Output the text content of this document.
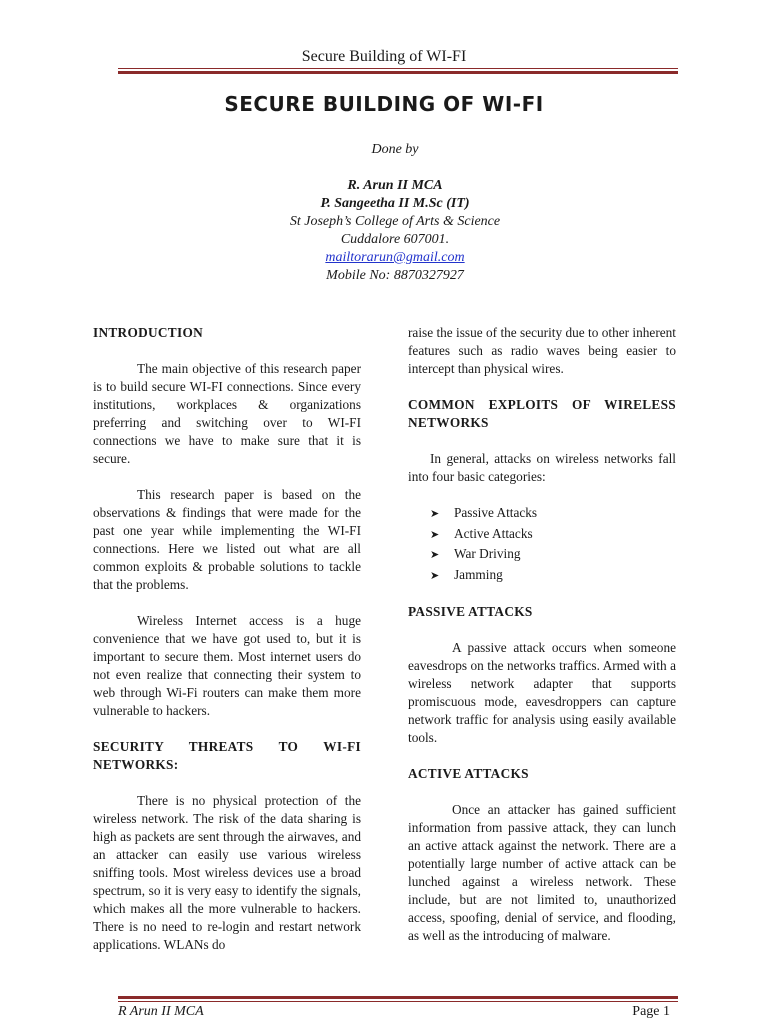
Secure Building of WI-FI
SECURE BUILDING OF WI-FI
Done by
R. Arun II MCA
P. Sangeetha II M.Sc (IT)
St Joseph’s College of Arts & Science
Cuddalore 607001.
mailtorarun@gmail.com
Mobile No: 8870327927
INTRODUCTION

The main objective of this research paper is to build secure WI-FI connections. Since every institutions, workplaces & organizations preferring and switching over to WI-FI connections we have to make sure that it is secure.

This research paper is based on the observations & findings that were made for the past one year while implementing the WI-FI connections. Here we listed out what are all common exploits & probable solutions to tackle that the problems.

Wireless Internet access is a huge convenience that we have got used to, but it is important to secure them. Most internet users do not even realize that connecting their system to web through Wi-Fi routers can make them more vulnerable to hackers.

SECURITY THREATS TO WI-FI NETWORKS:

There is no physical protection of the wireless network. The risk of the data sharing is high as packets are sent through the airwaves, and an attacker can easily use various wireless sniffing tools. Most wireless devices use a broad spectrum, so it is very easy to identify the signals, which makes all the more vulnerable to hackers. There is no need to re-login and restart network applications. WLANs do

raise the issue of the security due to other inherent features such as radio waves being easier to intercept than physical wires.

COMMON EXPLOITS OF WIRELESS NETWORKS

In general, attacks on wireless networks fall into four basic categories:

➤ Passive Attacks
➤ Active Attacks
➤ War Driving
➤ Jamming
PASSIVE ATTACKS

A passive attack occurs when someone eavesdrops on the networks traffics. Armed with a wireless network adapter that supports promiscuous mode, eavesdroppers can capture network traffic for analysis using easily available tools.

ACTIVE ATTACKS

Once an attacker has gained sufficient information from passive attack, they can lunch an active attack against the network. There are a potentially large number of active attack can be lunched against a wireless network. These include, but are not limited to, unauthorized access, spoofing, denial of service, and flooding, as well as the introducing of malware.

R Arun II MCA	Page 1
